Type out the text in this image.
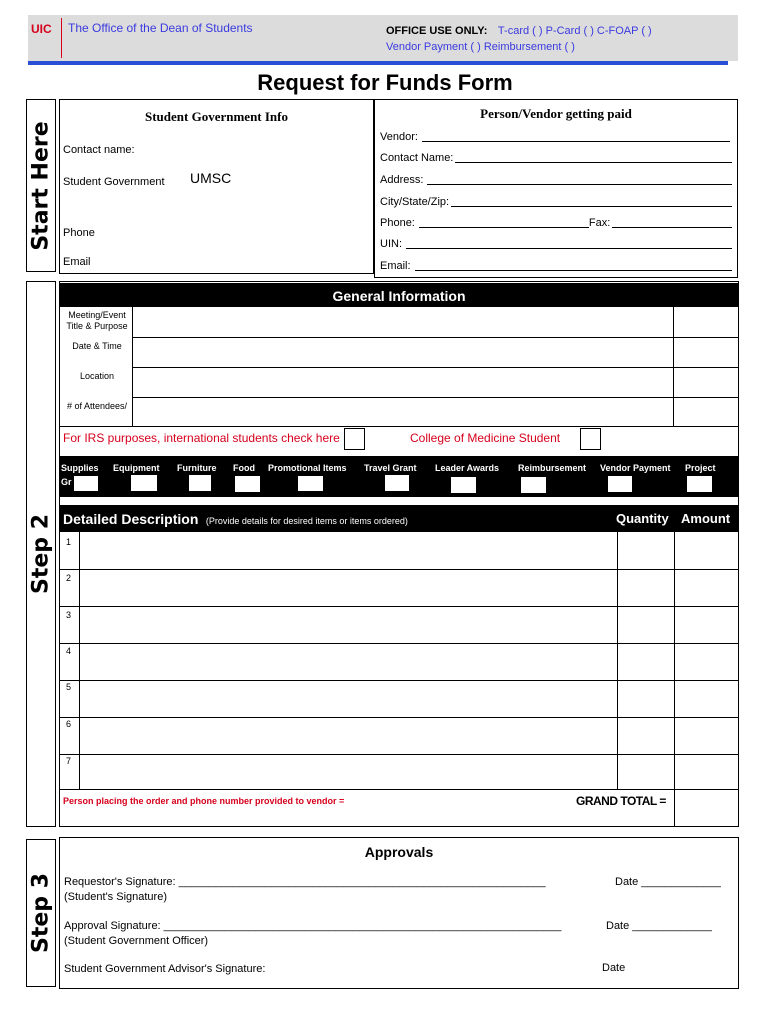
UIC The Office of the Dean of Students	OFFICE USE ONLY: T-card ( ) P-Card ( ) C-FOAP ( )
Vendor Payment ( ) Reimbursement ( )
Request for Funds Form
Start Here
Step 2
Step 3
Student Government Info
Contact name:
Student Government UMSC
Phone
Email
Person/Vendor getting paid
Vendor:
Contact Name:
Address:
City/State/Zip:
Phone:	Fax:
UIN:
Email:
General Information
Meeting/Event Title & Purpose
Date & Time
Location
# of Attendees/
For IRS purposes, international students check here	College of Medicine Student
Supplies Equipment Furniture Food Promotional Items Travel Grant Leader Awards Reimbursement Vendor Payment Project
Gr
Detailed Description (Provide details for desired items or items ordered)	Quantity Amount
1
2
3
4
5
6
7
Person placing the order and phone number provided to vendor =	GRAND TOTAL =
Approvals
Requestor's Signature: ____________________________________________________________
(Student's Signature)
Date _____________
Approval Signature: _________________________________________________________________
(Student Government Officer)
Date _____________
Student Government Advisor's Signature:	Date
